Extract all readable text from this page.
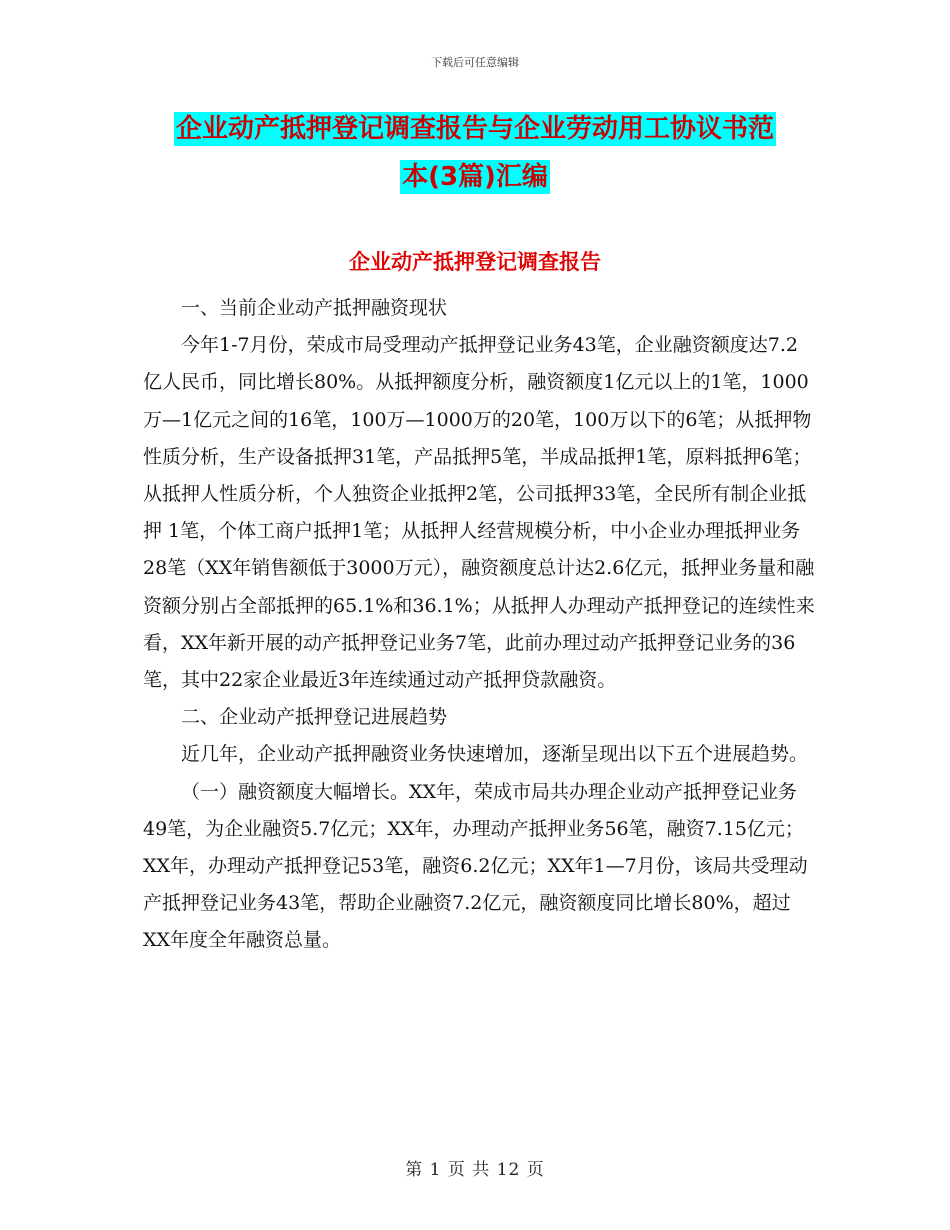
下载后可任意编辑
企业动产抵押登记调查报告与企业劳动用工协议书范
本(3篇)汇编
企业动产抵押登记调查报告

一、当前企业动产抵押融资现状

今年1-7月份，荣成市局受理动产抵押登记业务43笔，企业融资额度达7.2亿人民币，同比增长80%。从抵押额度分析，融资额度1亿元以上的1笔，1000万—1亿元之间的16笔，100万—1000万的20笔，100万以下的6笔；从抵押物性质分析，生产设备抵押31笔，产品抵押5笔，半成品抵押1笔，原料抵押6笔；从抵押人性质分析，个人独资企业抵押2笔，公司抵押33笔，全民所有制企业抵押 1笔，个体工商户抵押1笔；从抵押人经营规模分析，中小企业办理抵押业务28笔（XX年销售额低于3000万元），融资额度总计达2.6亿元，抵押业务量和融资额分别占全部抵押的65.1%和36.1%；从抵押人办理动产抵押登记的连续性来看，XX年新开展的动产抵押登记业务7笔，此前办理过动产抵押登记业务的36笔，其中22家企业最近3年连续通过动产抵押贷款融资。

二、企业动产抵押登记进展趋势

近几年，企业动产抵押融资业务快速增加，逐渐呈现出以下五个进展趋势。

（一）融资额度大幅增长。XX年，荣成市局共办理企业动产抵押登记业务49笔，为企业融资5.7亿元；XX年，办理动产抵押业务56笔，融资7.15亿元；XX年，办理动产抵押登记53笔，融资6.2亿元；XX年1—7月份，该局共受理动产抵押登记业务43笔，帮助企业融资7.2亿元，融资额度同比增长80%，超过XX年度全年融资总量。

第 1 页 共 12 页
